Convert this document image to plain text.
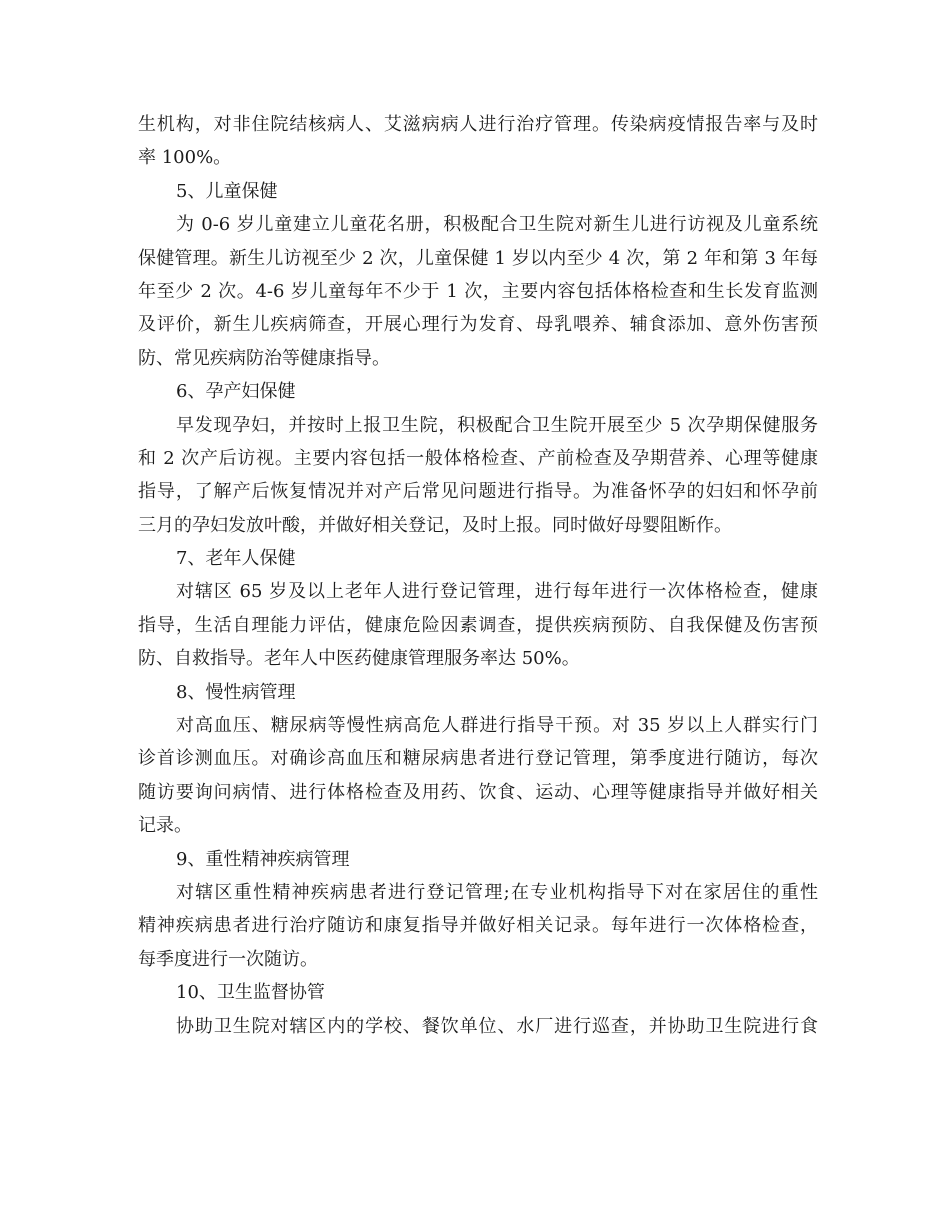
生机构，对非住院结核病人、艾滋病病人进行治疗管理。传染病疫情报告率与及时
率 100%。
5、儿童保健
为 0-6 岁儿童建立儿童花名册，积极配合卫生院对新生儿进行访视及儿童系统
保健管理。新生儿访视至少 2 次，儿童保健 1 岁以内至少 4 次，第 2 年和第 3 年每
年至少 2 次。4-6 岁儿童每年不少于 1 次，主要内容包括体格检查和生长发育监测
及评价，新生儿疾病筛查，开展心理行为发育、母乳喂养、辅食添加、意外伤害预
防、常见疾病防治等健康指导。
6、孕产妇保健
早发现孕妇，并按时上报卫生院，积极配合卫生院开展至少 5 次孕期保健服务
和 2 次产后访视。主要内容包括一般体格检查、产前检查及孕期营养、心理等健康
指导，了解产后恢复情况并对产后常见问题进行指导。为准备怀孕的妇妇和怀孕前
三月的孕妇发放叶酸，并做好相关登记，及时上报。同时做好母婴阻断作。
7、老年人保健
对辖区 65 岁及以上老年人进行登记管理，进行每年进行一次体格检查，健康
指导，生活自理能力评估，健康危险因素调查，提供疾病预防、自我保健及伤害预
防、自救指导。老年人中医药健康管理服务率达 50%。
8、慢性病管理
对高血压、糖尿病等慢性病高危人群进行指导干预。对 35 岁以上人群实行门
诊首诊测血压。对确诊高血压和糖尿病患者进行登记管理，第季度进行随访，每次
随访要询问病情、进行体格检查及用药、饮食、运动、心理等健康指导并做好相关
记录。
9、重性精神疾病管理
对辖区重性精神疾病患者进行登记管理;在专业机构指导下对在家居住的重性
精神疾病患者进行治疗随访和康复指导并做好相关记录。每年进行一次体格检查，
每季度进行一次随访。
10、卫生监督协管
协助卫生院对辖区内的学校、餐饮单位、水厂进行巡查，并协助卫生院进行食
